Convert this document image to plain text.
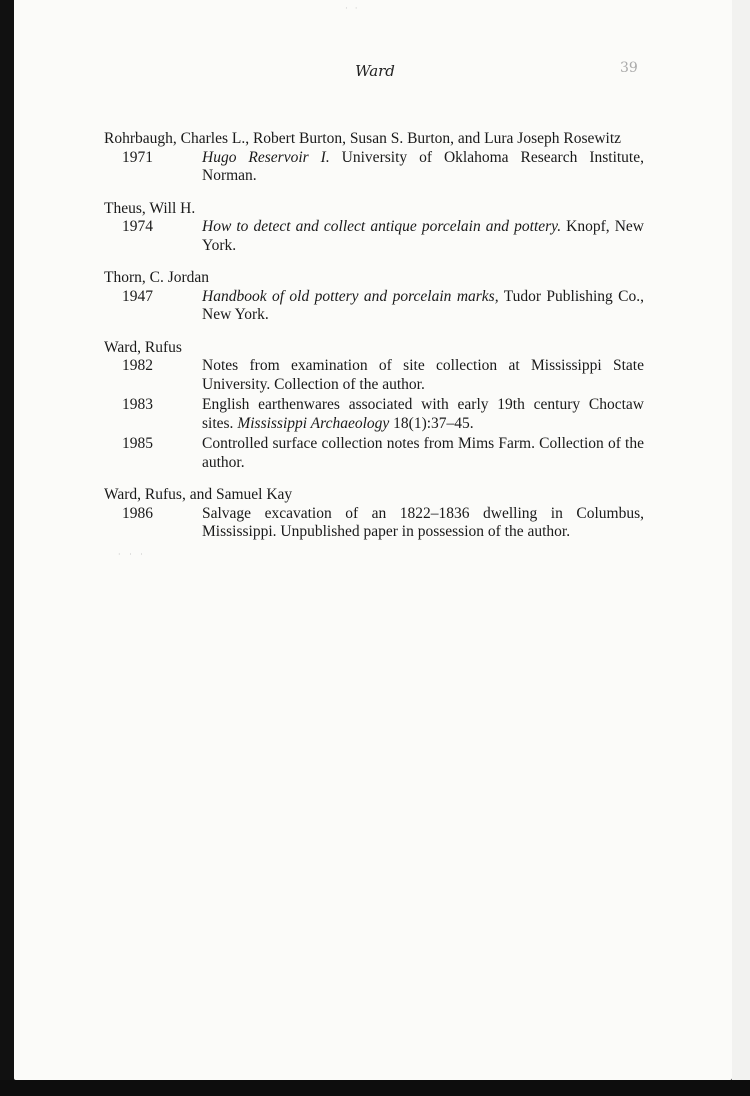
· ·
Ward	39
Rohrbaugh, Charles L., Robert Burton, Susan S. Burton, and Lura Joseph Rosewitz
1971	Hugo Reservoir I. University of Oklahoma Research Institute, Norman.
Theus, Will H.
1974	How to detect and collect antique porcelain and pottery. Knopf, New York.
Thorn, C. Jordan
1947	Handbook of old pottery and porcelain marks, Tudor Publishing Co., New York.
Ward, Rufus
1982	Notes from examination of site collection at Mississippi State University. Collection of the author.
1983	English earthenwares associated with early 19th century Choctaw sites. Mississippi Archaeology 18(1):37–45.
1985	Controlled surface collection notes from Mims Farm. Collection of the author.
Ward, Rufus, and Samuel Kay
1986	Salvage excavation of an 1822–1836 dwelling in Columbus, Mississippi. Unpublished paper in possession of the author.
· · ·
